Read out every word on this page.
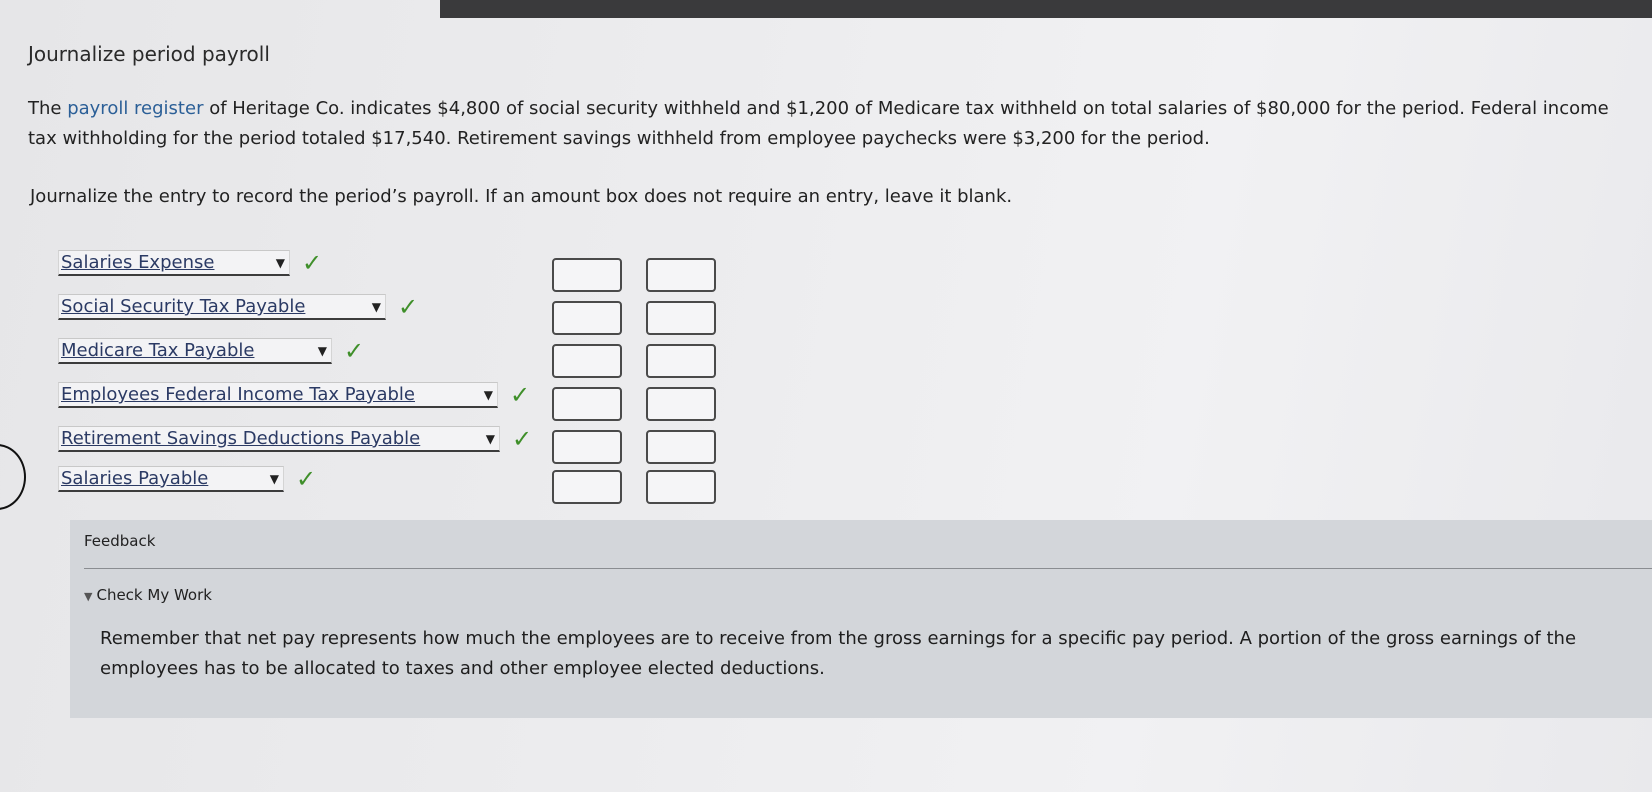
Journalize period payroll
The payroll register of Heritage Co. indicates $4,800 of social security withheld and $1,200 of Medicare tax withheld on total salaries of $80,000 for the period. Federal income tax withholding for the period totaled $17,540. Retirement savings withheld from employee paychecks were $3,200 for the period.
Journalize the entry to record the period’s payroll. If an amount box does not require an entry, leave it blank.
Salaries Expense	▼ ✓
Social Security Tax Payable	▼ ✓
Medicare Tax Payable	▼ ✓
Employees Federal Income Tax Payable	▼ ✓
Retirement Savings Deductions Payable	▼ ✓
Salaries Payable	▼ ✓
Feedback
▼ Check My Work
Remember that net pay represents how much the employees are to receive from the gross earnings for a specific pay period. A portion of the gross earnings of the employees has to be allocated to taxes and other employee elected deductions.
